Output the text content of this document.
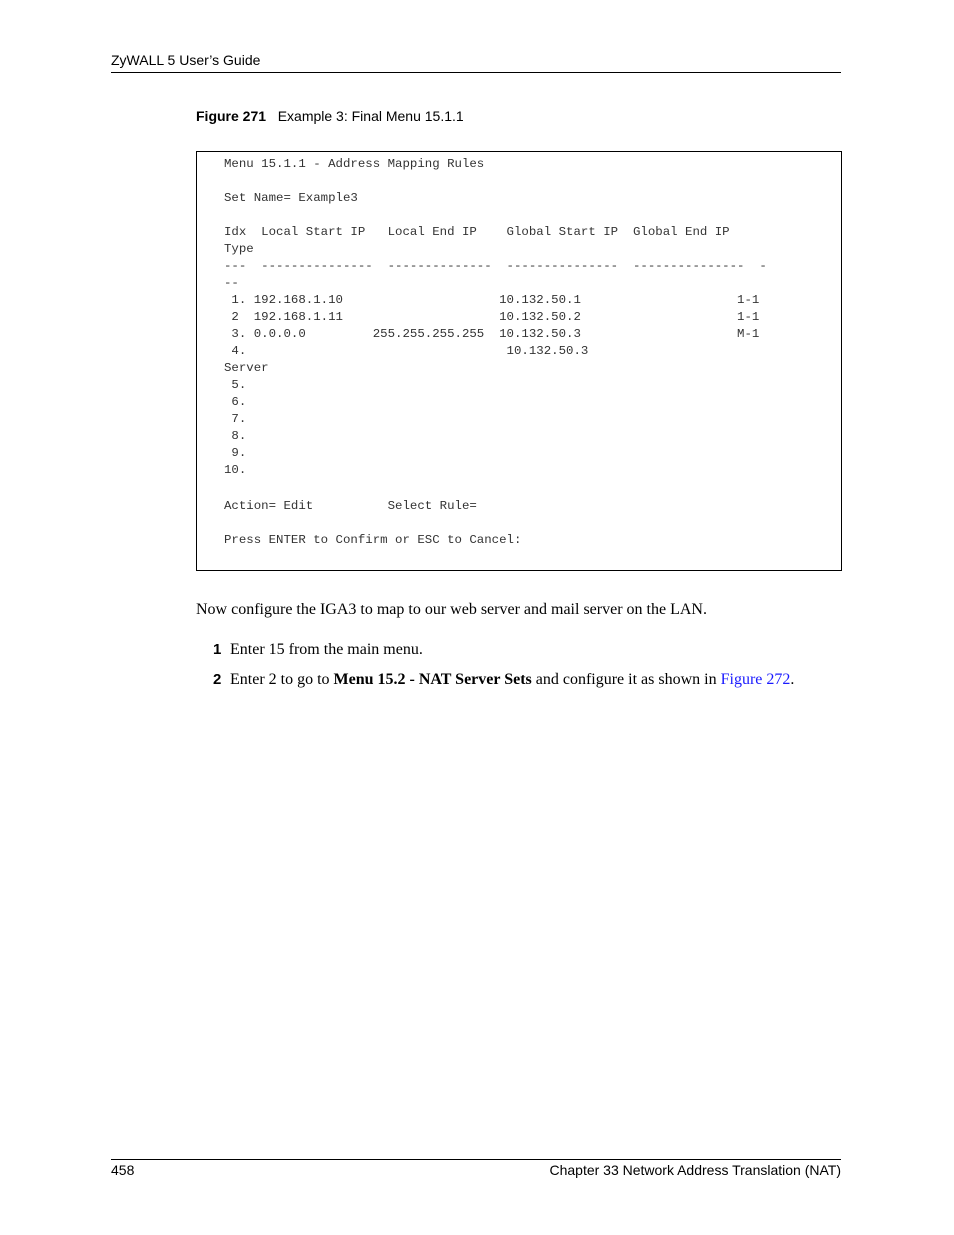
ZyWALL 5 User’s Guide
Figure 271 Example 3: Final Menu 15.1.1
Menu 15.1.1 - Address Mapping Rules
Set Name= Example3
Idx  Local Start IP   Local End IP    Global Start IP  Global End IP
Type
---  ---------------  --------------  ---------------  ---------------  -
--
1. 192.168.1.10                     10.132.50.1                     1-1
2  192.168.1.11                     10.132.50.2                     1-1
3. 0.0.0.0         255.255.255.255  10.132.50.3                     M-1
4.                                   10.132.50.3
Server
5.
6.
7.
8.
9.
10.
Action= Edit          Select Rule=
Press ENTER to Confirm or ESC to Cancel:
Now configure the IGA3 to map to our web server and mail server on the LAN.
1 Enter 15 from the main menu.
2 Enter 2 to go to Menu 15.2 - NAT Server Sets and configure it as shown in Figure 272.
458	Chapter 33 Network Address Translation (NAT)
